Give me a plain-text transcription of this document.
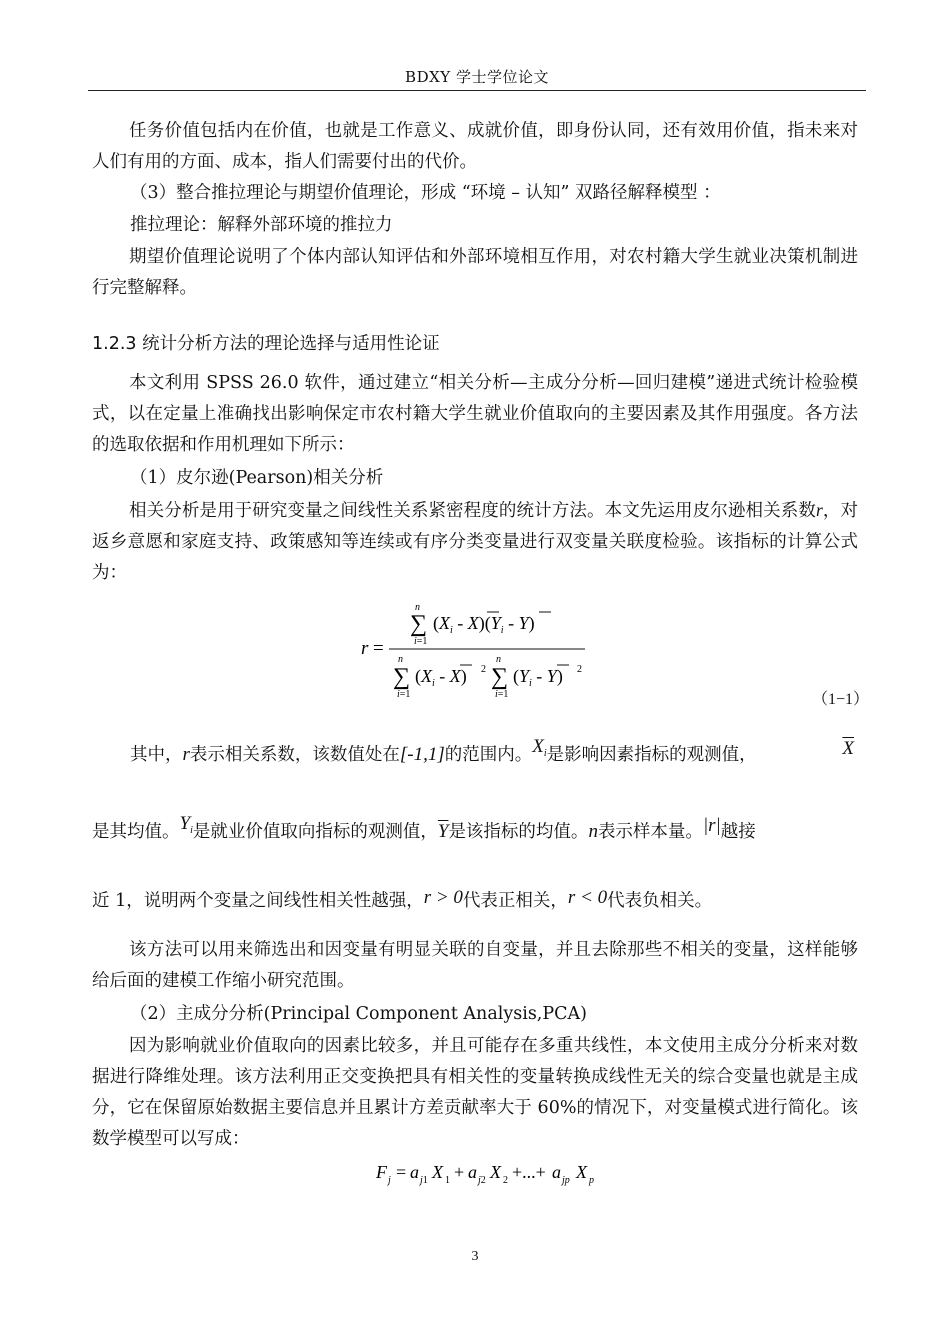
BDXY 学士学位论文
任务价值包括内在价值，也就是工作意义、成就价值，即身份认同，还有效用价值，指未来对人们有用的方面、成本，指人们需要付出的代价。
（3）整合推拉理论与期望价值理论，形成 “环境 – 认知” 双路径解释模型 ：
推拉理论：解释外部环境的推拉力
期望价值理论说明了个体内部认知评估和外部环境相互作用，对农村籍大学生就业决策机制进行完整解释。
1.2.3 统计分析方法的理论选择与适用性论证
本文利用 SPSS 26.0 软件，通过建立“相关分析—主成分分析—回归建模”递进式统计检验模式，以在定量上准确找出影响保定市农村籍大学生就业价值取向的主要因素及其作用强度。各方法的选取依据和作用机理如下所示：
（1）皮尔逊(Pearson)相关分析
相关分析是用于研究变量之间线性关系紧密程度的统计方法。本文先运用皮尔逊相关系数r，对返乡意愿和家庭支持、政策感知等连续或有序分类变量进行双变量关联度检验。该指标的计算公式为：
r =
n
∑
i=1
$(X_i - X)(Y_i - Y)$
n
∑
i=1
$(X_i - X)$ 2
n
∑
i=1
$(Y_i - Y)$ 2
（1−1）
其中，r表示相关系数，该数值处在[-1,1]的范围内。$X^i$是影响因素指标的观测值，	$\overline{X}$
是其均值。$Y^i$是就业价值取向指标的观测值，$\overline{Y}$是该指标的均值。n表示样本量。|r|越接
近 1，说明两个变量之间线性相关性越强，r > 0代表正相关，r < 0代表负相关。
该方法可以用来筛选出和因变量有明显关联的自变量，并且去除那些不相关的变量，这样能够给后面的建模工作缩小研究范围。
（2）主成分分析(Principal Component Analysis,PCA)
因为影响就业价值取向的因素比较多，并且可能存在多重共线性，本文使用主成分分析来对数据进行降维处理。该方法利用正交变换把具有相关性的变量转换成线性无关的综合变量也就是主成分，它在保留原始数据主要信息并且累计方差贡献率大于 60%的情况下，对变量模式进行简化。该数学模型可以写成：
F j = a j1 X 1 + a j2 X 2 +...+ a jp X p
3
